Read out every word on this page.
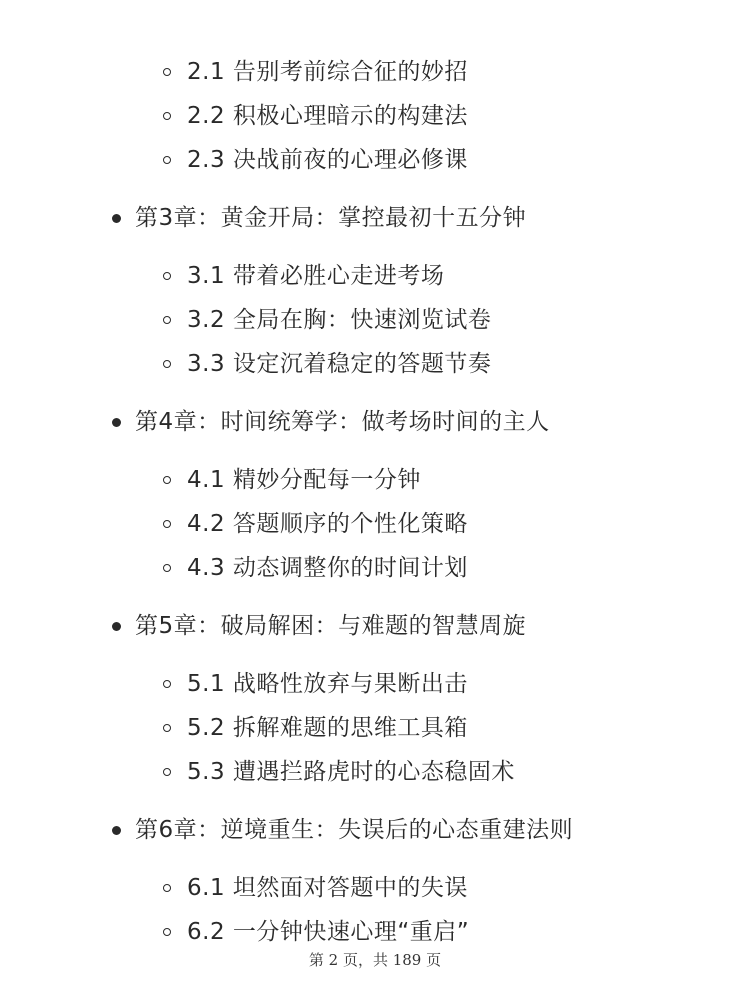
2.1 告别考前综合征的妙招
2.2 积极心理暗示的构建法
2.3 决战前夜的心理必修课
第3章：黄金开局：掌控最初十五分钟
3.1 带着必胜心走进考场
3.2 全局在胸：快速浏览试卷
3.3 设定沉着稳定的答题节奏
第4章：时间统筹学：做考场时间的主人
4.1 精妙分配每一分钟
4.2 答题顺序的个性化策略
4.3 动态调整你的时间计划
第5章：破局解困：与难题的智慧周旋
5.1 战略性放弃与果断出击
5.2 拆解难题的思维工具箱
5.3 遭遇拦路虎时的心态稳固术
第6章：逆境重生：失误后的心态重建法则
6.1 坦然面对答题中的失误
6.2 一分钟快速心理“重启”
第 2 页，共 189 页
